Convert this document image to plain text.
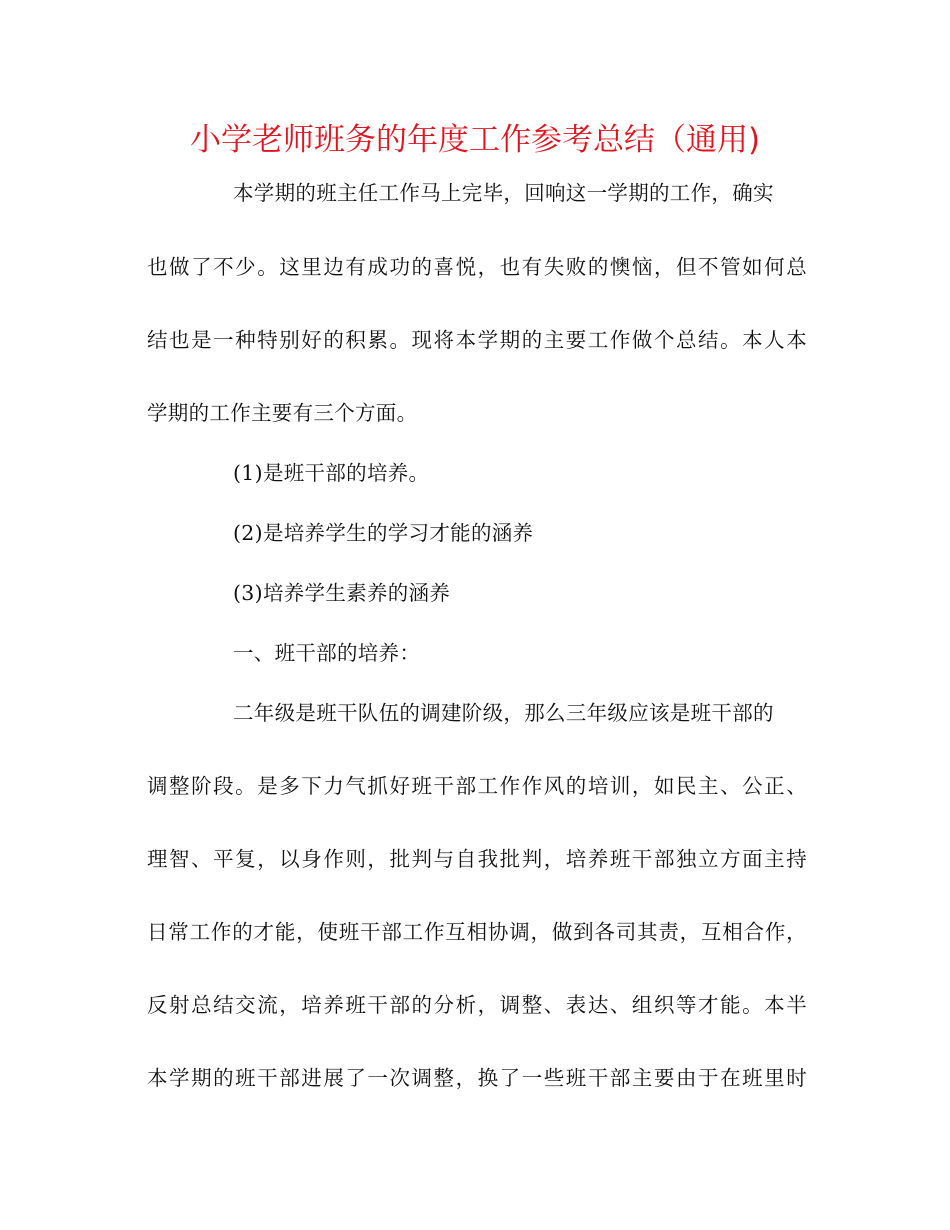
小学老师班务的年度工作参考总结（通用)

本学期的班主任工作马上完毕，回响这一学期的工作，确实

也做了不少。这里边有成功的喜悦，也有失败的懊恼，但不管如何总

结也是一种特别好的积累。现将本学期的主要工作做个总结。本人本

学期的工作主要有三个方面。

(1)是班干部的培养。

(2)是培养学生的学习才能的涵养

(3)培养学生素养的涵养

一、班干部的培养：

二年级是班干队伍的调建阶级，那么三年级应该是班干部的

调整阶段。是多下力气抓好班干部工作作风的培训，如民主、公正、

理智、平复，以身作则，批判与自我批判，培养班干部独立方面主持

日常工作的才能，使班干部工作互相协调，做到各司其责，互相合作，

反射总结交流，培养班干部的分析，调整、表达、组织等才能。本半

本学期的班干部进展了一次调整，换了一些班干部主要由于在班里时
